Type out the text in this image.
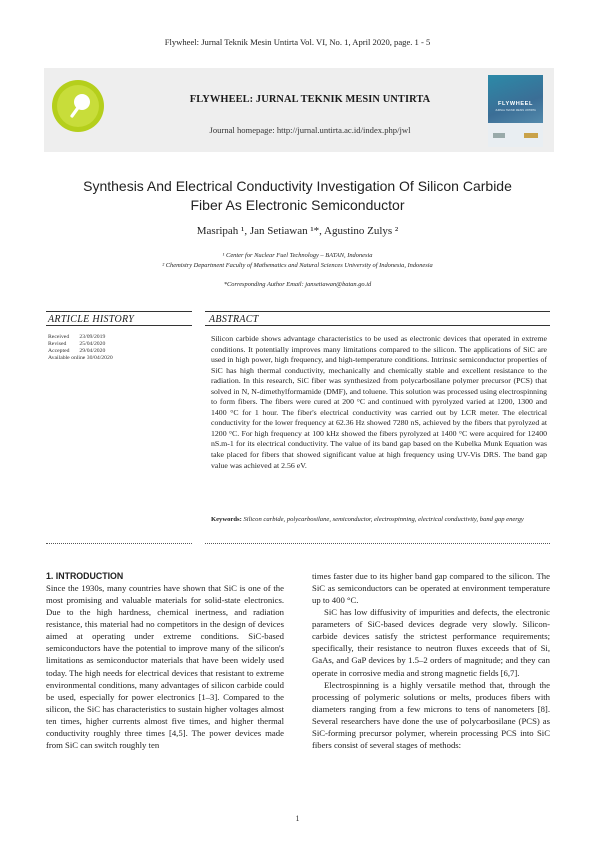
Flywheel: Jurnal Teknik Mesin Untirta Vol. VI, No. 1, April 2020, page. 1 - 5
FLYWHEEL: JURNAL TEKNIK MESIN UNTIRTA
Journal homepage: http://jurnal.untirta.ac.id/index.php/jwl
FLYWHEEL
JURNAL TEKNIK MESIN UNTIRTA
Synthesis And Electrical Conductivity Investigation Of Silicon Carbide
Fiber As Electronic Semiconductor
Masripah ¹, Jan Setiawan ¹*, Agustino Zulys ²
¹ Center for Nuclear Fuel Technology – BATAN, Indonesia
² Chemistry Department Faculty of Mathematics and Natural Sciences University of Indonesia, Indonesia
*Corresponding Author Email: jansetiawan@batan.go.id
ARTICLE HISTORY	ABSTRACT
Received 23/09/2019
Revised 25/04/2020
Accepted 29/04/2020
Available online 30/04/2020
Silicon carbide shows advantage characteristics to be used as electronic devices that operated in extreme conditions. It potentially improves many limitations compared to the silicon. The applications of SiC are used in high power, high frequency, and high-temperature conditions. Intrinsic semiconductor properties of SiC has high thermal conductivity, mechanically and chemically stable and excellent resistance to the radiation. In this research, SiC fiber was synthesized from polycarbosilane polymer precursor (PCS) that solved in N, N-dimethylformamide (DMF), and toluene. This solution was processed using electrospinning to form fibers. The fibers were cured at 200 °C and continued with pyrolyzed varied at 1200, 1300 and 1400 °C for 1 hour. The fiber's electrical conductivity was carried out by LCR meter. The electrical conductivity for the lower frequency at 62.36 Hz showed 7280 nS, achieved by the fibers that pyrolyzed at 1200 °C. For high frequency at 100 kHz showed the fibers pyrolyzed at 1400 °C were acquired for 12400 nS.m-1 for its electrical conductivity. The value of its band gap based on the Kubelka Munk Equation was take placed for fibers that showed significant value at high frequency using UV-Vis DRS. The band gap value was achieved at 2.56 eV.
Keywords: Silicon carbide, polycarbosilane, semiconductor, electrospinning, electrical conductivity, band gap energy
1. INTRODUCTION

Since the 1930s, many countries have shown that SiC is one of the most promising and valuable materials for solid-state electronics. Due to the high hardness, chemical inertness, and radiation resistance, this material had no competitors in the design of devices aimed at operating under extreme conditions. SiC-based semiconductors have the potential to improve many of the silicon's limitations as semiconductor materials that have been widely used today. The high needs for electrical devices that resistant to extreme environmental conditions, many advantages of silicon carbide could be used, especially for power electronics [1–3]. Compared to the silicon, the SiC has characteristics to sustain higher voltages almost ten times, higher currents almost five times, and higher thermal conductivity roughly three times [4,5]. The power devices made from SiC can switch roughly ten

times faster due to its higher band gap compared to the silicon. The SiC as semiconductors can be operated at environment temperature up to 400 °C.

SiC has low diffusivity of impurities and defects, the electronic parameters of SiC-based devices degrade very slowly. Silicon-carbide devices satisfy the strictest performance requirements; specifically, their resistance to neutron fluxes exceeds that of Si, GaAs, and GaP devices by 1.5–2 orders of magnitude; and they can operate in corrosive media and strong magnetic fields [6,7].

Electrospinning is a highly versatile method that, through the processing of polymeric solutions or melts, produces fibers with diameters ranging from a few microns to tens of nanometers [8]. Several researchers have done the use of polycarbosilane (PCS) as SiC-forming precursor polymer, wherein processing PCS into SiC fibers consist of several stages of methods:

1
